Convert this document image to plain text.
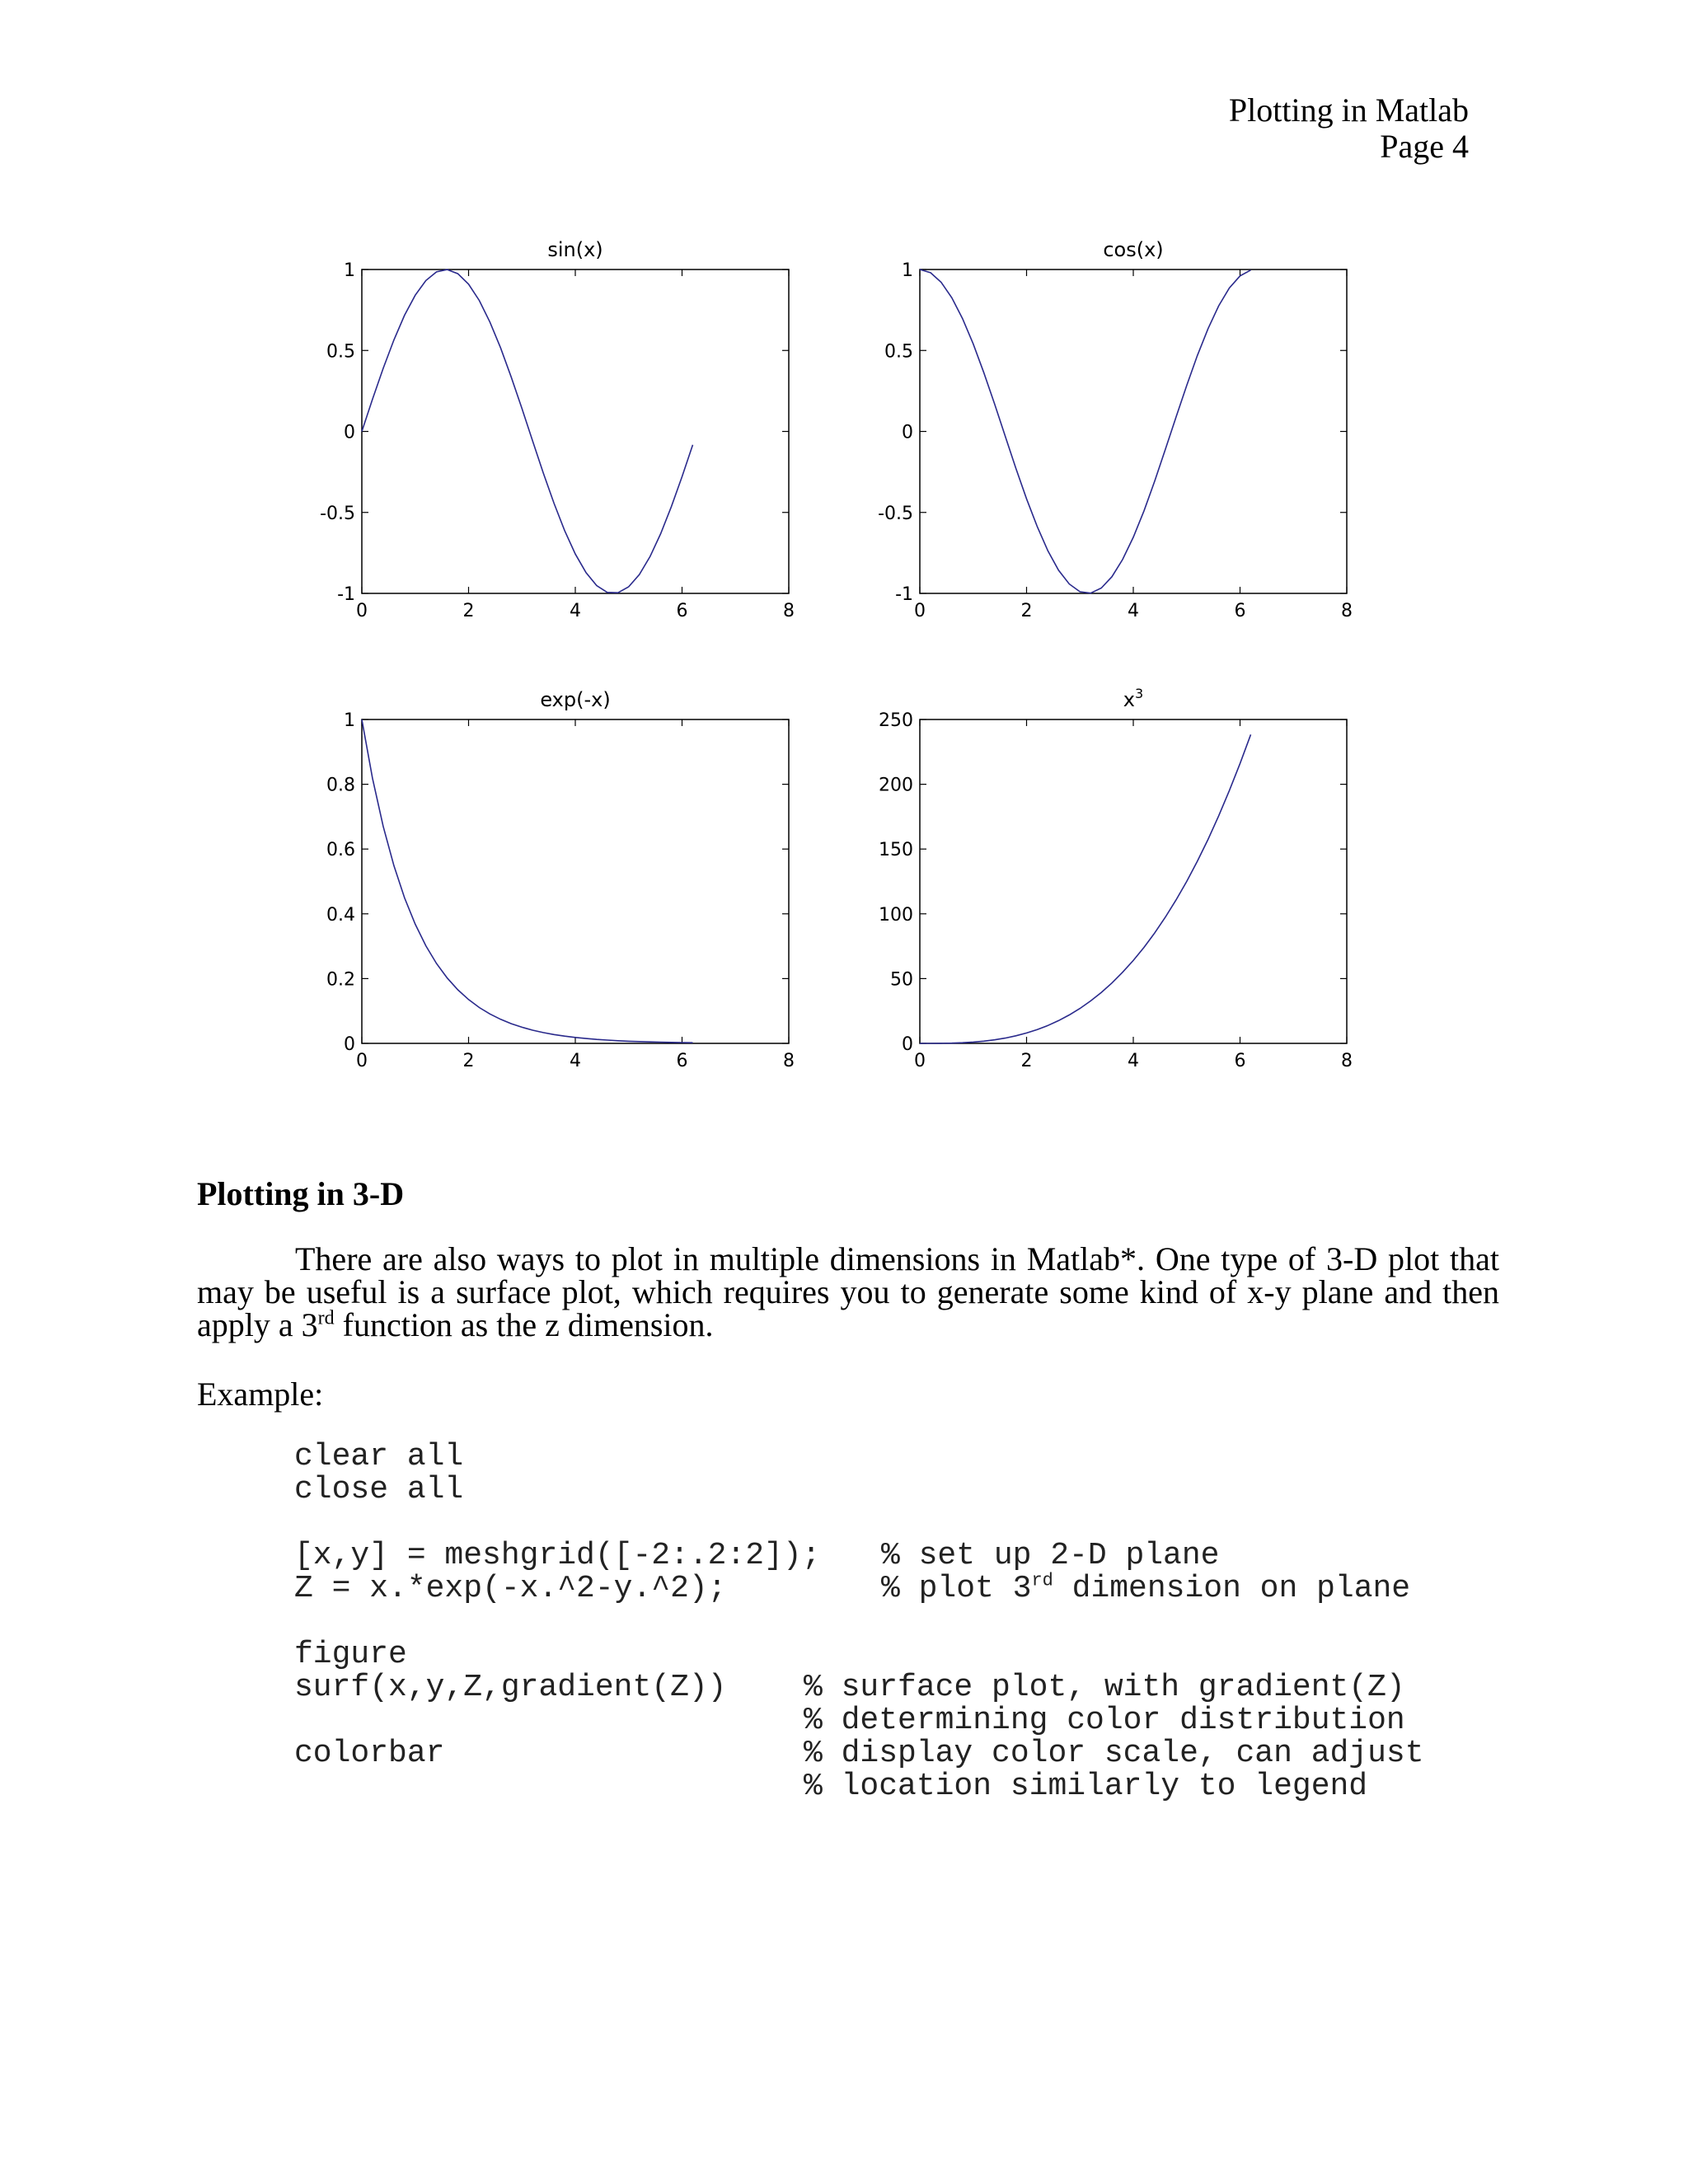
Plotting in Matlab
Page 4
sin(x)
0	2	4	6	8
-1
-0.5
0
0.5
1
cos(x)
0	2	4	6	8
-1
-0.5
0
0.5
1
exp(-x)
0	2	4	6	8
0
0.2
0.4
0.6
0.8
1
$x^3$
0	2	4	6	8
0
50
100
150
200
250
Plotting in 3-D
There are also ways to plot in multiple dimensions in Matlab*. One type of 3-D plot that may be useful is a surface plot, which requires you to generate some kind of x-y plane and then apply a 3rd function as the z dimension.
Example:
clear all
close all
[x,y] = meshgrid([-2:.2:2]); % set up 2-D plane
Z = x.*exp(-x.^2-y.^2);	% plot 3rd dimension on plane
figure
surf(x,y,Z,gradient(Z)) % surface plot, with gradient(Z)
% determining color distribution
colorbar	% display color scale, can adjust
% location similarly to legend
